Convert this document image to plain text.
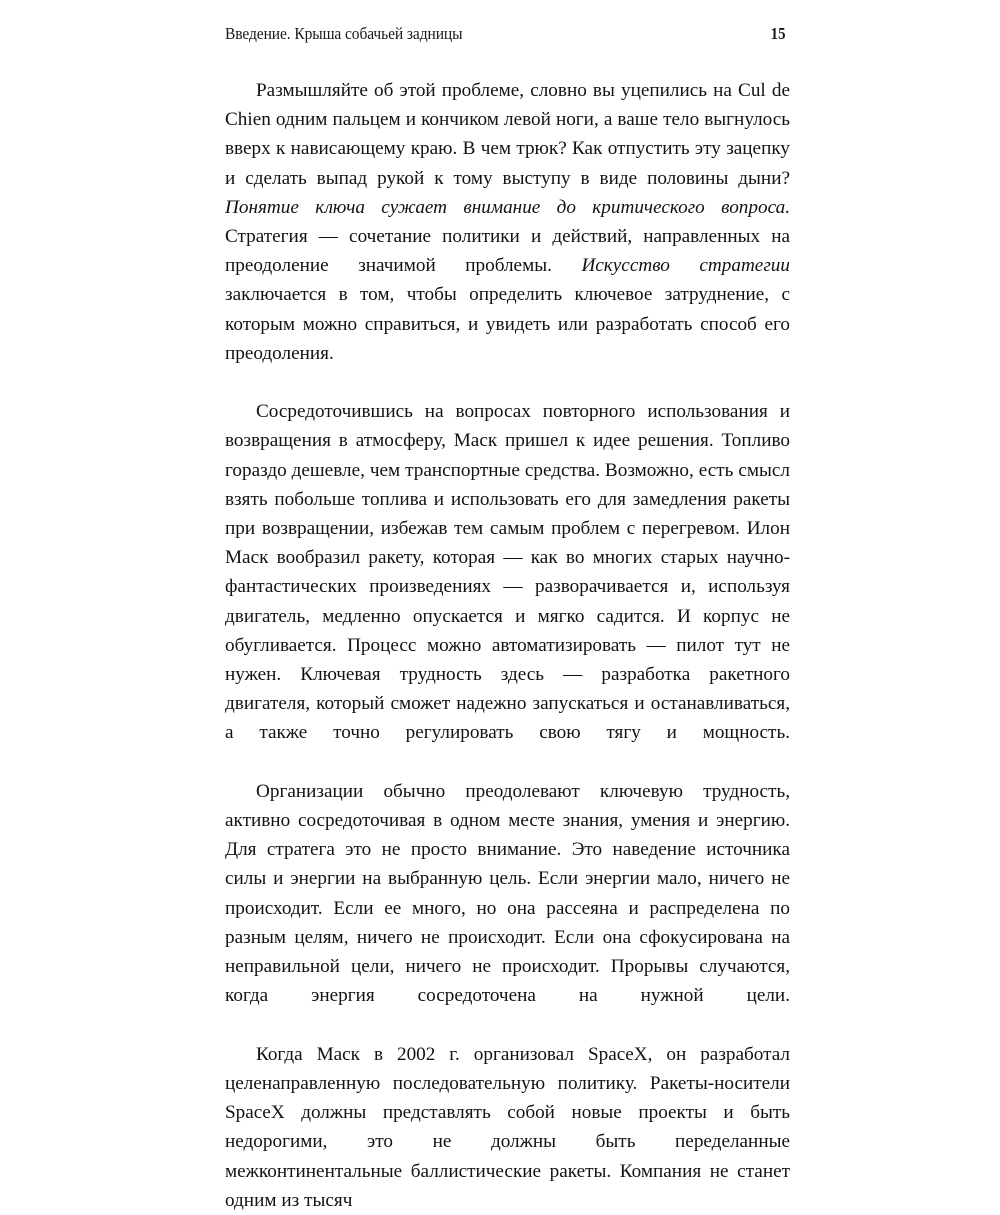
Введение. Крыша собачьей задницы	15

Размышляйте об этой проблеме, словно вы уцепились на Cul de Chien одним пальцем и кончиком левой ноги, а ваше тело выгнулось вверх к нависающему краю. В чем трюк? Как отпустить эту зацепку и сделать выпад рукой к тому выступу в виде половины дыни? Понятие ключа сужает внимание до критического вопроса. Стратегия — сочетание политики и действий, направленных на преодоление значимой проблемы. Искусство стратегии заключается в том, чтобы определить ключевое затруднение, с которым можно справиться, и увидеть или разработать способ его преодоления.

Сосредоточившись на вопросах повторного использования и возвращения в атмосферу, Маск пришел к идее решения. Топливо гораздо дешевле, чем транспортные средства. Возможно, есть смысл взять побольше топлива и использовать его для замедления ракеты при возвращении, избежав тем самым проблем с перегревом. Илон Маск вообразил ракету, которая — как во многих старых научно-фантастических произведениях — разворачивается и, используя двигатель, медленно опускается и мягко садится. И корпус не обугливается. Процесс можно автоматизировать — пилот тут не нужен. Ключевая трудность здесь — разработка ракетного двигателя, который сможет надежно запускаться и останавливаться, а также точно регулировать свою тягу и мощность.

Организации обычно преодолевают ключевую трудность, активно сосредоточивая в одном месте знания, умения и энергию. Для стратега это не просто внимание. Это наведение источника силы и энергии на выбранную цель. Если энергии мало, ничего не происходит. Если ее много, но она рассеяна и распределена по разным целям, ничего не происходит. Если она сфокусирована на неправильной цели, ничего не происходит. Прорывы случаются, когда энергия сосредоточена на нужной цели.

Когда Маск в 2002 г. организовал SpaceX, он разработал целенаправленную последовательную политику. Ракеты-носители SpaceX должны представлять собой новые проекты и быть недорогими, это не должны быть переделанные межконтинентальные баллистические ракеты. Компания не станет одним из тысяч
